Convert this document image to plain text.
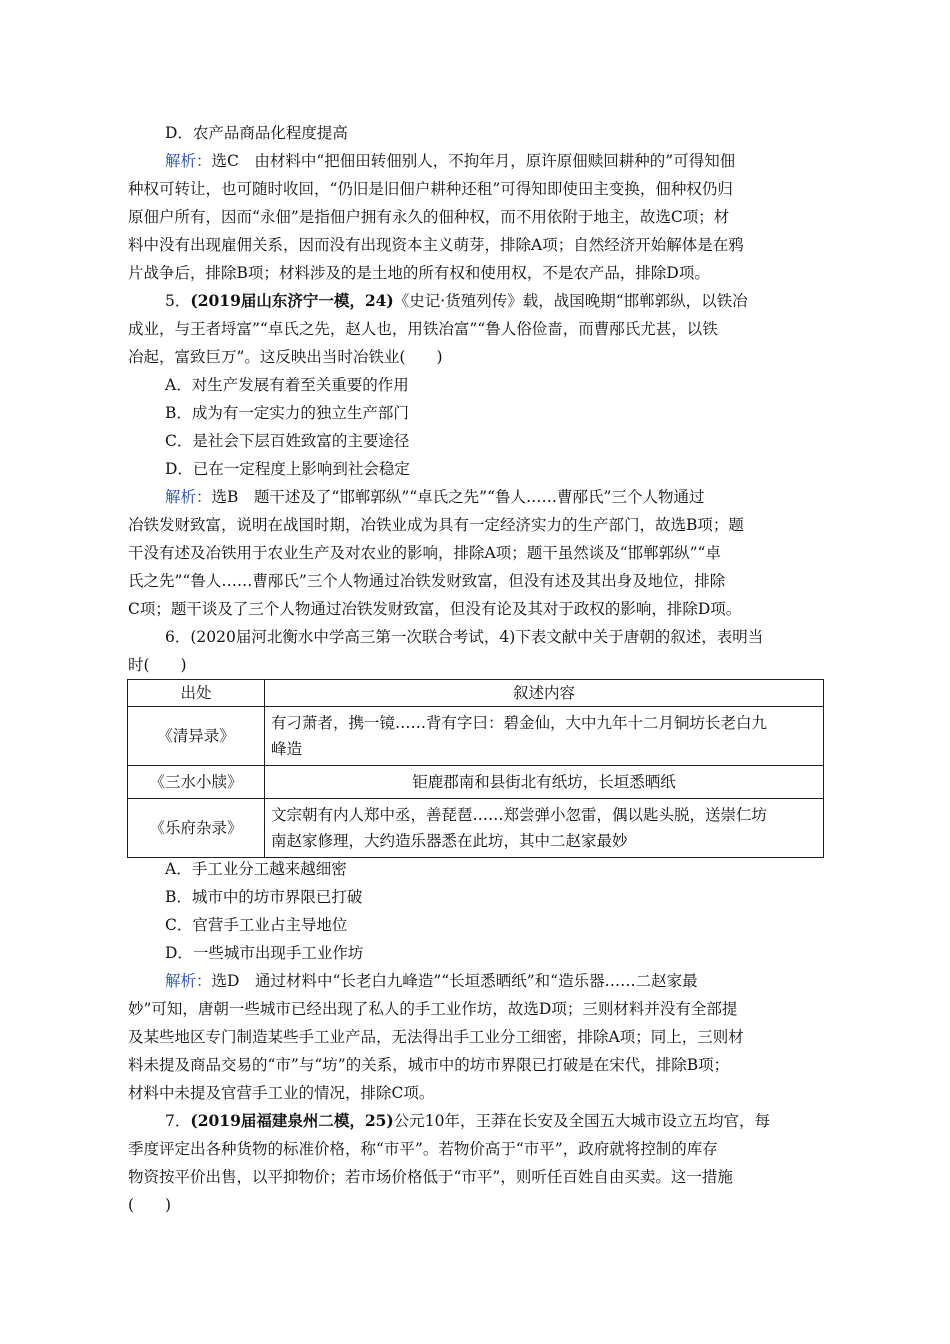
D．农产品商品化程度提高
解析：选C　由材料中“把佃田转佃别人，不拘年月，原许原佃赎回耕种的”可得知佃
种权可转让，也可随时收回，“仍旧是旧佃户耕种还租”可得知即使田主变换，佃种权仍归
原佃户所有，因而“永佃”是指佃户拥有永久的佃种权，而不用依附于地主，故选C项；材
料中没有出现雇佣关系，因而没有出现资本主义萌芽，排除A项；自然经济开始解体是在鸦
片战争后，排除B项；材料涉及的是土地的所有权和使用权，不是农产品，排除D项。
5．(2019届山东济宁一模，24)《史记·货殖列传》载，战国晚期“邯郸郭纵，以铁冶
成业，与王者埒富”“卓氏之先，赵人也，用铁冶富”“鲁人俗俭啬，而曹邴氏尤甚，以铁
冶起，富致巨万”。这反映出当时冶铁业(　　)
A．对生产发展有着至关重要的作用
B．成为有一定实力的独立生产部门
C．是社会下层百姓致富的主要途径
D．已在一定程度上影响到社会稳定
解析：选B　题干述及了“邯郸郭纵”“卓氏之先”“鲁人……曹邴氏”三个人物通过
冶铁发财致富，说明在战国时期，冶铁业成为具有一定经济实力的生产部门，故选B项；题
干没有述及冶铁用于农业生产及对农业的影响，排除A项；题干虽然谈及“邯郸郭纵”“卓
氏之先”“鲁人……曹邴氏”三个人物通过冶铁发财致富，但没有述及其出身及地位，排除
C项；题干谈及了三个人物通过冶铁发财致富，但没有论及其对于政权的影响，排除D项。
6．(2020届河北衡水中学高三第一次联合考试，4)下表文献中关于唐朝的叙述，表明当
时(　　)
出处	叙述内容
《清异录》	有刁萧者，携一镜……背有字曰：碧金仙，大中九年十二月铜坊长老白九
峰造
《三水小牍》	钜鹿郡南和县街北有纸坊，长垣悉晒纸
《乐府杂录》	文宗朝有内人郑中丞，善琵琶……郑尝弹小忽雷，偶以匙头脱，送崇仁坊
南赵家修理，大约造乐器悉在此坊，其中二赵家最妙
A．手工业分工越来越细密
B．城市中的坊市界限已打破
C．官营手工业占主导地位
D．一些城市出现手工业作坊
解析：选D　通过材料中“长老白九峰造”“长垣悉晒纸”和“造乐器……二赵家最
妙”可知，唐朝一些城市已经出现了私人的手工业作坊，故选D项；三则材料并没有全部提
及某些地区专门制造某些手工业产品，无法得出手工业分工细密，排除A项；同上，三则材
料未提及商品交易的“市”与“坊”的关系，城市中的坊市界限已打破是在宋代，排除B项；
材料中未提及官营手工业的情况，排除C项。
7．(2019届福建泉州二模，25)公元10年，王莽在长安及全国五大城市设立五均官，每
季度评定出各种货物的标准价格，称“市平”。若物价高于“市平”，政府就将控制的库存
物资按平价出售，以平抑物价；若市场价格低于“市平”，则听任百姓自由买卖。这一措施
(　　)
